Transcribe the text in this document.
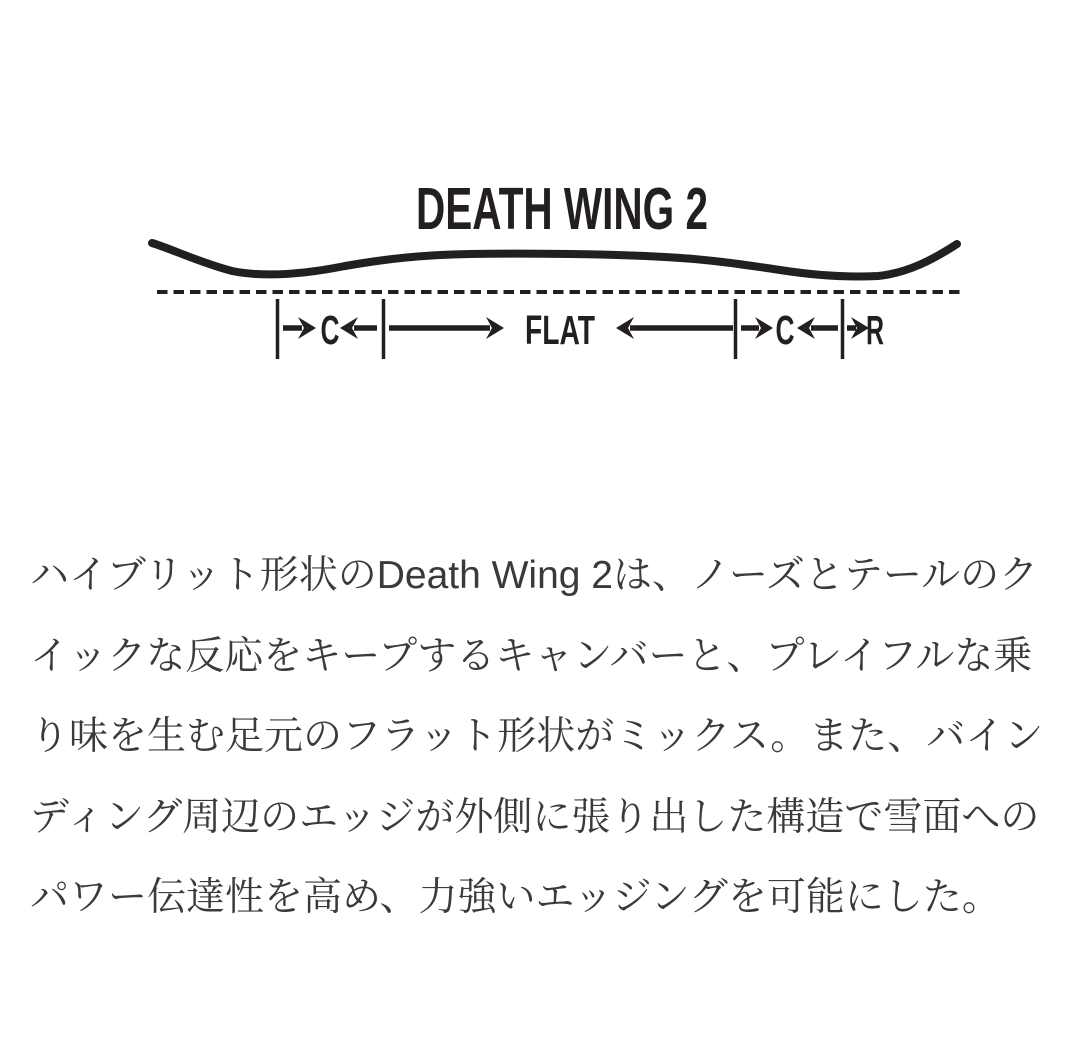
DEATH WING 2
C	FLAT	C R
ハイブリット形状のDeath Wing 2は、ノーズとテールのク
イックな反応をキープするキャンバーと、プレイフルな乗
り味を生む足元のフラット形状がミックス。また、バイン
ディング周辺のエッジが外側に張り出した構造で雪面への
パワー伝達性を高め、力強いエッジングを可能にした。
